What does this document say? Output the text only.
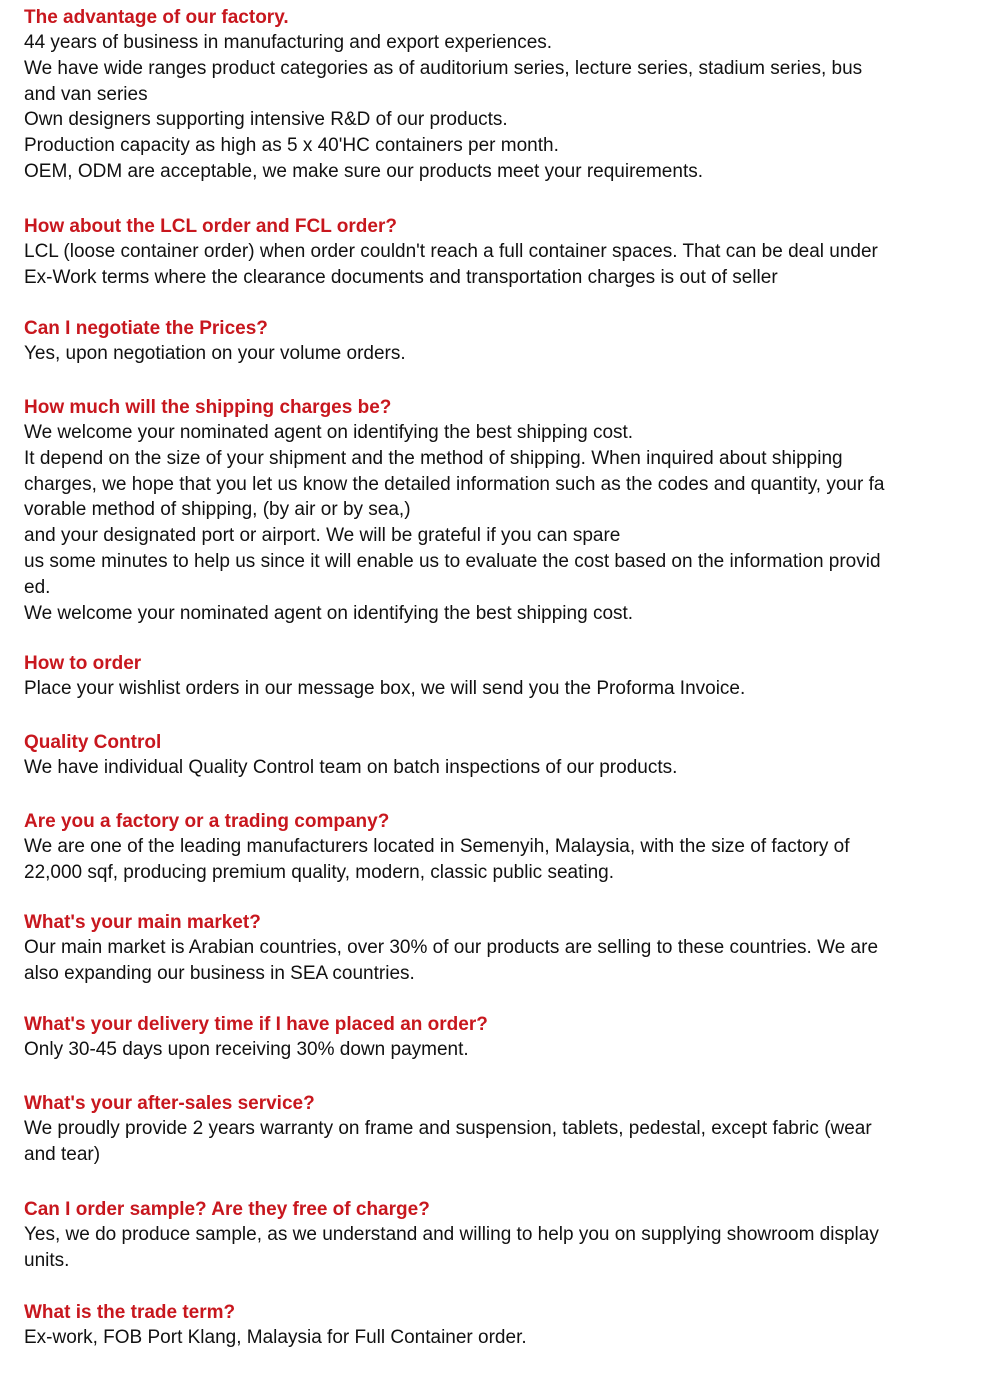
The advantage of our factory.
44 years of business in manufacturing and export experiences.
We have wide ranges product categories as of auditorium series, lecture series, stadium series, bus
and van series
Own designers supporting intensive R&D of our products.
Production capacity as high as 5 x 40'HC containers per month.
OEM, ODM are acceptable, we make sure our products meet your requirements.
How about the LCL order and FCL order?
LCL (loose container order) when order couldn't reach a full container spaces. That can be deal under
Ex-Work terms where the clearance documents and transportation charges is out of seller
Can I negotiate the Prices?
Yes, upon negotiation on your volume orders.
How much will the shipping charges be?
We welcome your nominated agent on identifying the best shipping cost.
It depend on the size of your shipment and the method of shipping. When inquired about shipping
charges, we hope that you let us know the detailed information such as the codes and quantity, your fa
vorable method of shipping, (by air or by sea,)
and your designated port or airport. We will be grateful if you can spare
us some minutes to help us since it will enable us to evaluate the cost based on the information provid
ed.
We welcome your nominated agent on identifying the best shipping cost.
How to order
Place your wishlist orders in our message box, we will send you the Proforma Invoice.
Quality Control
We have individual Quality Control team on batch inspections of our products.
Are you a factory or a trading company?
We are one of the leading manufacturers located in Semenyih, Malaysia, with the size of factory of
22,000 sqf, producing premium quality, modern, classic public seating.
What's your main market?
Our main market is Arabian countries, over 30% of our products are selling to these countries. We are
also expanding our business in SEA countries.
What's your delivery time if I have placed an order?
Only 30-45 days upon receiving 30% down payment.
What's your after-sales service?
We proudly provide 2 years warranty on frame and suspension, tablets, pedestal, except fabric (wear
and tear)
Can I order sample? Are they free of charge?
Yes, we do produce sample, as we understand and willing to help you on supplying showroom display
units.
What is the trade term?
Ex-work, FOB Port Klang, Malaysia for Full Container order.
